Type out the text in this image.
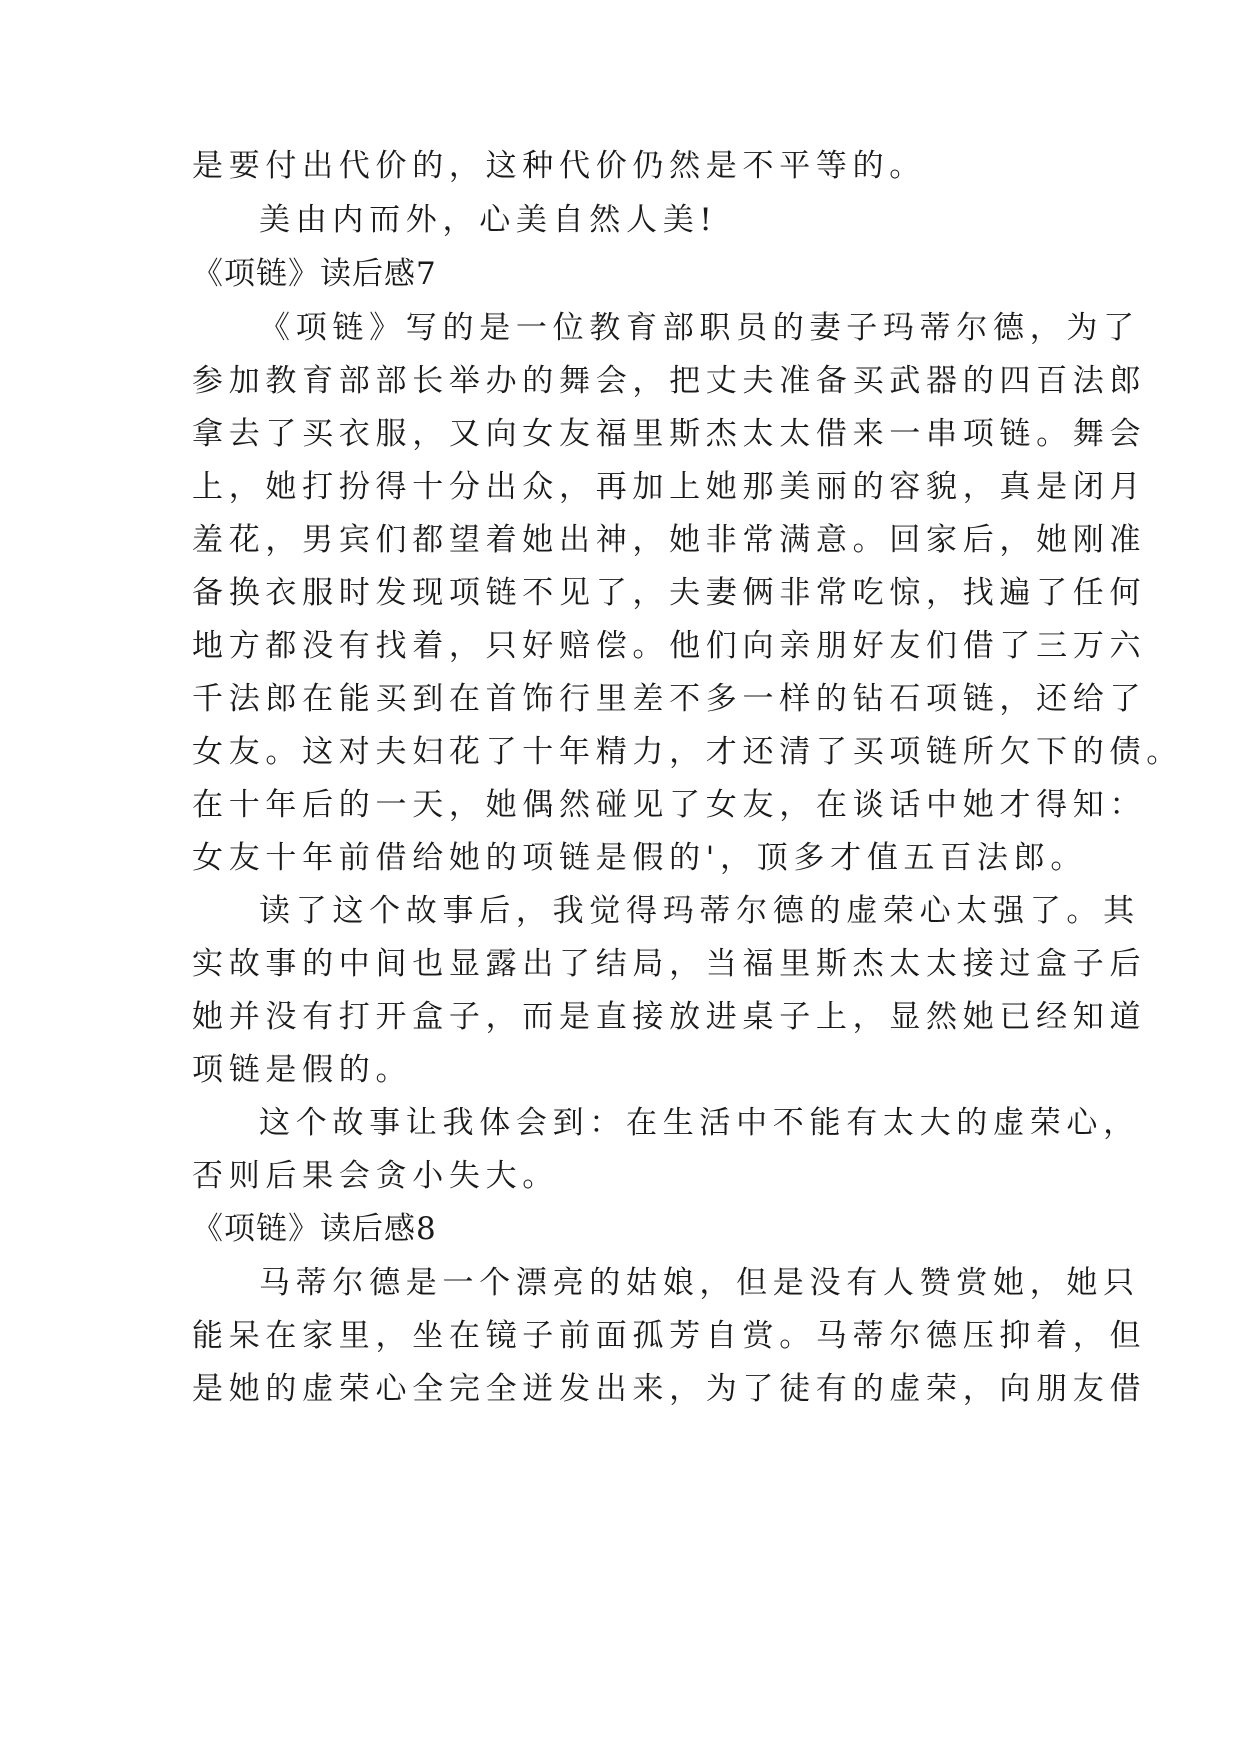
是要付出代价的，这种代价仍然是不平等的。
美由内而外，心美自然人美!
《项链》读后感7
《项链》写的是一位教育部职员的妻子玛蒂尔德，为了
参加教育部部长举办的舞会，把丈夫准备买武器的四百法郎
拿去了买衣服，又向女友福里斯杰太太借来一串项链。舞会
上，她打扮得十分出众，再加上她那美丽的容貌，真是闭月
羞花，男宾们都望着她出神，她非常满意。回家后，她刚准
备换衣服时发现项链不见了，夫妻俩非常吃惊，找遍了任何
地方都没有找着，只好赔偿。他们向亲朋好友们借了三万六
千法郎在能买到在首饰行里差不多一样的钻石项链，还给了
女友。这对夫妇花了十年精力，才还清了买项链所欠下的债。
在十年后的一天，她偶然碰见了女友，在谈话中她才得知：
女友十年前借给她的项链是假的'，顶多才值五百法郎。
读了这个故事后，我觉得玛蒂尔德的虚荣心太强了。其
实故事的中间也显露出了结局，当福里斯杰太太接过盒子后
她并没有打开盒子，而是直接放进桌子上，显然她已经知道
项链是假的。
这个故事让我体会到：在生活中不能有太大的虚荣心，
否则后果会贪小失大。
《项链》读后感8
马蒂尔德是一个漂亮的姑娘，但是没有人赞赏她，她只
能呆在家里，坐在镜子前面孤芳自赏。马蒂尔德压抑着，但
是她的虚荣心全完全迸发出来，为了徒有的虚荣，向朋友借
